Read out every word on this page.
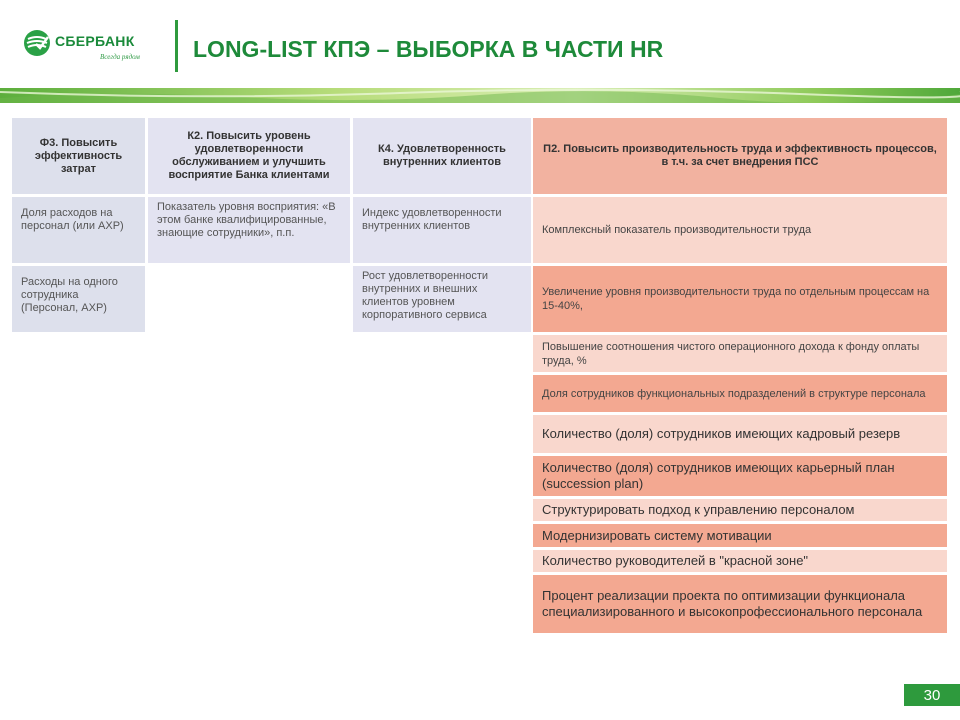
СБЕРБАНК
Всегда рядом LONG-LIST КПЭ – ВЫБОРКА В ЧАСТИ HR
Ф3. Повысить эффективность затрат
К2. Повысить уровень удовлетворенности обслуживанием и улучшить восприятие Банка клиентами
К4. Удовлетворенность внутренних клиентов
П2. Повысить производительность труда и эффективность процессов, в т.ч. за счет внедрения ПСС
Доля расходов на персонал (или АХР)
Расходы на одного сотрудника (Персонал, АХР)
Показатель уровня восприятия: «В этом банке квалифицированные, знающие сотрудники», п.п.
Индекс удовлетворенности внутренних клиентов
Рост удовлетворенности внутренних и внешних клиентов уровнем корпоративного сервиса
Комплексный показатель производительности труда
Увеличение уровня производительности труда по отдельным процессам на 15-40%,
Повышение соотношения чистого операционного дохода к фонду оплаты труда, %
Доля сотрудников функциональных подразделений в структуре персонала
Количество (доля) сотрудников имеющих кадровый резерв
Количество (доля) сотрудников имеющих карьерный план (succession plan)
Структурировать подход к управлению персоналом
Модернизировать систему мотивации
Количество руководителей в "красной зоне"
Процент реализации проекта по оптимизации функционала специализированного и высокопрофессионального персонала
30
